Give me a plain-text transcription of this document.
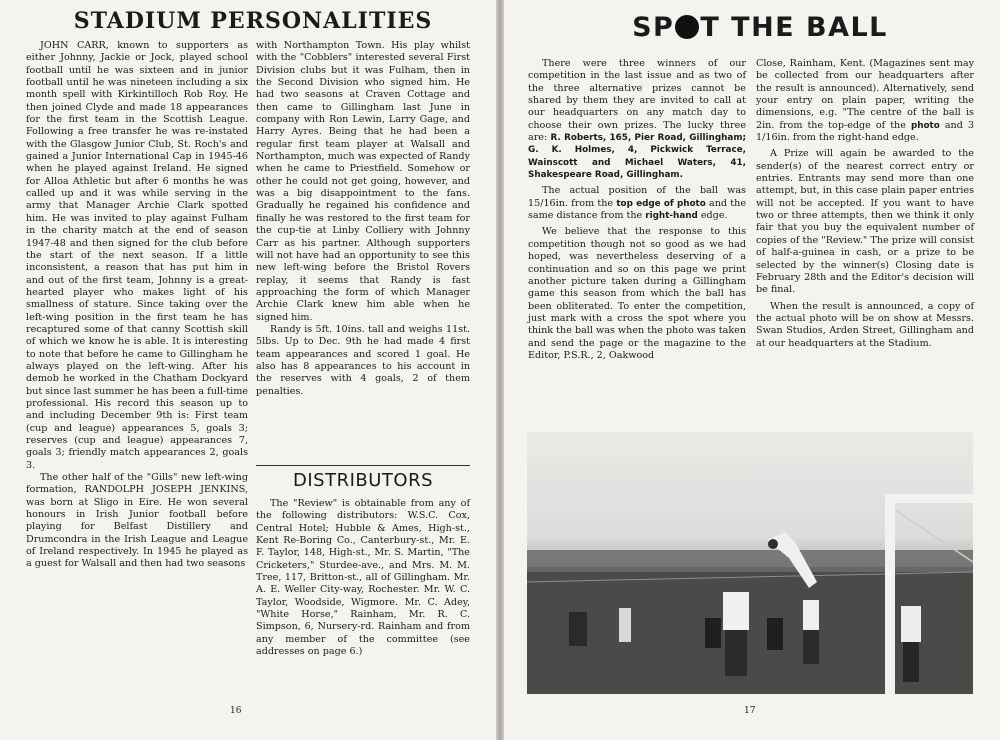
STADIUM PERSONALITIES

JOHN CARR, known to supporters as either Johnny, Jackie or Jock, played school football until he was sixteen and in junior football until he was nineteen including a six month spell with Kirkintilloch Rob Roy. He then joined Clyde and made 18 appearances for the first team in the Scottish League. Following a free transfer he was re-instated with the Glasgow Junior Club, St. Roch's and gained a Junior International Cap in 1945-46 when he played against Ireland. He signed for Alloa Athletic but after 6 months he was called up and it was while serving in the army that Manager Archie Clark spotted him. He was invited to play against Fulham in the charity match at the end of season 1947-48 and then signed for the club before the start of the next season. If a little inconsistent, a reason that has put him in and out of the first team, Johnny is a great-hearted player who makes light of his smallness of stature. Since taking over the left-wing position in the first team he has recaptured some of that canny Scottish skill of which we know he is able. It is interesting to note that before he came to Gillingham he always played on the left-wing. After his demob he worked in the Chatham Dockyard but since last summer he has been a full-time professional. His record this season up to and including December 9th is: First team (cup and league) appearances 5, goals 3; reserves (cup and league) appearances 7, goals 3; friendly match appearances 2, goals 3.

The other half of the "Gills" new left-wing formation, RANDOLPH JOSEPH JENKINS, was born at Sligo in Eire. He won several honours in Irish Junior football before playing for Belfast Distillery and Drumcondra in the Irish League and League of Ireland respectively. In 1945 he played as a guest for Walsall and then had two seasons

with Northampton Town. His play whilst with the "Cobblers" interested several First Division clubs but it was Fulham, then in the Second Division who signed him. He had two seasons at Craven Cottage and then came to Gillingham last June in company with Ron Lewin, Larry Gage, and Harry Ayres. Being that he had been a regular first team player at Walsall and Northampton, much was expected of Randy when he came to Priestfield. Somehow or other he could not get going, however, and was a big disappointment to the fans. Gradually he regained his confidence and finally he was restored to the first team for the cup-tie at Linby Colliery with Johnny Carr as his partner. Although supporters will not have had an opportunity to see this new left-wing before the Bristol Rovers replay, it seems that Randy is fast approaching the form of which Manager Archie Clark knew him able when he signed him.

Randy is 5ft. 10ins. tall and weighs 11st. 5lbs. Up to Dec. 9th he had made 4 first team appearances and scored 1 goal. He also has 8 appearances to his account in the reserves with 4 goals, 2 of them penalties.

DISTRIBUTORS

The "Review" is obtainable from any of the following distributors: W.S.C. Cox, Central Hotel; Hubble & Ames, High-st., Kent Re-Boring Co., Canterbury-st., Mr. E. F. Taylor, 148, High-st., Mr. S. Martin, "The Cricketers," Sturdee-ave., and Mrs. M. M. Tree, 117, Britton-st., all of Gillingham. Mr. A. E. Weller City-way, Rochester. Mr. W. C. Taylor, Woodside, Wigmore. Mr. C. Adey, "White Horse," Rainham, Mr. R. C. Simpson, 6, Nursery-rd. Rainham and from any member of the committee (see addresses on page 6.)

16
SP T THE BALL

There were three winners of our competition in the last issue and as two of the three alternative prizes cannot be shared by them they are invited to call at our headquarters on any match day to choose their own prizes. The lucky three are: R. Roberts, 165, Pier Road, Gillingham; G. K. Holmes, 4, Pickwick Terrace, Wainscott and Michael Waters, 41, Shakespeare Road, Gillingham.

The actual position of the ball was 15/16in. from the top edge of photo and the same distance from the right-hand edge.

We believe that the response to this competition though not so good as we had hoped, was nevertheless deserving of a continuation and so on this page we print another picture taken during a Gillingham game this season from which the ball has been obliterated. To enter the competition, just mark with a cross the spot where you think the ball was when the photo was taken and send the page or the magazine to the Editor, P.S.R., 2, Oakwood

Close, Rainham, Kent. (Magazines sent may be collected from our headquarters after the result is announced). Alternatively, send your entry on plain paper, writing the dimensions, e.g. "The centre of the ball is 2in. from the top-edge of the photo and 3 1/16in. from the right-hand edge.

A Prize will again be awarded to the sender(s) of the nearest correct entry or entries. Entrants may send more than one attempt, but, in this case plain paper entries will not be accepted. If you want to have two or three attempts, then we think it only fair that you buy the equivalent number of copies of the "Review." The prize will consist of half-a-guinea in cash, or a prize to be selected by the winner(s) Closing date is February 28th and the Editor's decision will be final.

When the result is announced, a copy of the actual photo will be on show at Messrs. Swan Studios, Arden Street, Gillingham and at our headquarters at the Stadium.

17
